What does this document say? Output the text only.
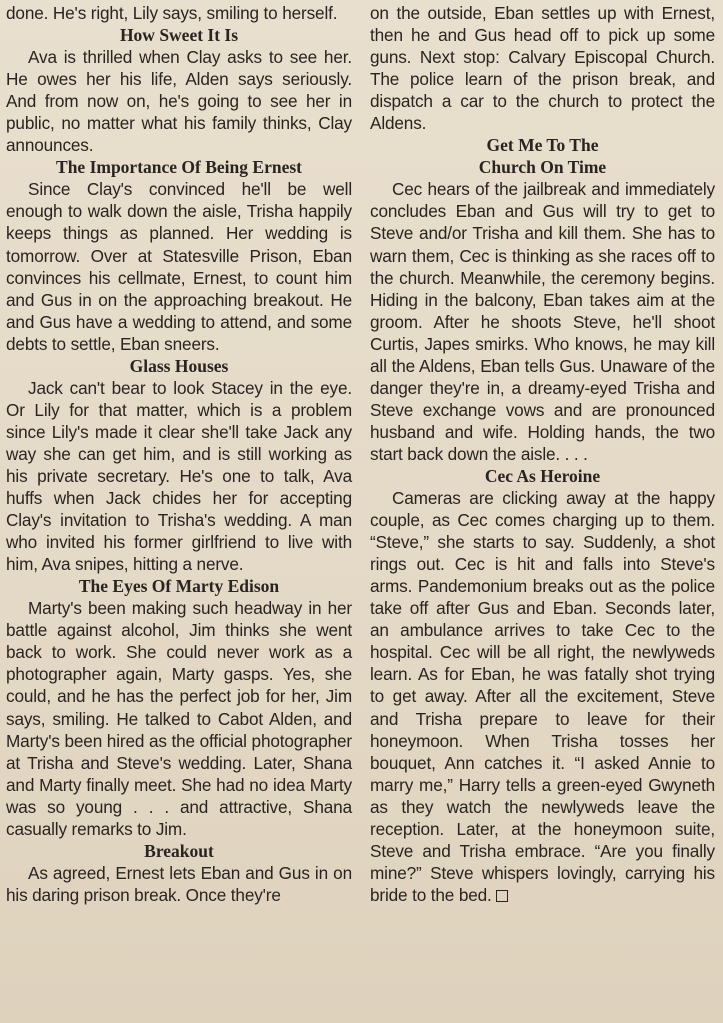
done. He's right, Lily says, smiling to herself.

How Sweet It Is

Ava is thrilled when Clay asks to see her. He owes her his life, Alden says seriously. And from now on, he's going to see her in public, no matter what his family thinks, Clay announces.

The Importance Of Being Ernest

Since Clay's convinced he'll be well enough to walk down the aisle, Trisha happily keeps things as planned. Her wedding is tomorrow. Over at Statesville Prison, Eban convinces his cellmate, Ernest, to count him and Gus in on the approaching breakout. He and Gus have a wedding to attend, and some debts to settle, Eban sneers.

Glass Houses

Jack can't bear to look Stacey in the eye. Or Lily for that matter, which is a problem since Lily's made it clear she'll take Jack any way she can get him, and is still working as his private secretary. He's one to talk, Ava huffs when Jack chides her for accepting Clay's invitation to Trisha's wedding. A man who invited his former girlfriend to live with him, Ava snipes, hitting a nerve.

The Eyes Of Marty Edison

Marty's been making such headway in her battle against alcohol, Jim thinks she went back to work. She could never work as a photographer again, Marty gasps. Yes, she could, and he has the perfect job for her, Jim says, smiling. He talked to Cabot Alden, and Marty's been hired as the official photographer at Trisha and Steve's wedding. Later, Shana and Marty finally meet. She had no idea Marty was so young . . . and attractive, Shana casually remarks to Jim.

Breakout

As agreed, Ernest lets Eban and Gus in on his daring prison break. Once they're

on the outside, Eban settles up with Ernest, then he and Gus head off to pick up some guns. Next stop: Calvary Episcopal Church. The police learn of the prison break, and dispatch a car to the church to protect the Aldens.

Get Me To The
Church On Time

Cec hears of the jailbreak and immediately concludes Eban and Gus will try to get to Steve and/or Trisha and kill them. She has to warn them, Cec is thinking as she races off to the church. Meanwhile, the ceremony begins. Hiding in the balcony, Eban takes aim at the groom. After he shoots Steve, he'll shoot Curtis, Japes smirks. Who knows, he may kill all the Aldens, Eban tells Gus. Unaware of the danger they're in, a dreamy-eyed Trisha and Steve exchange vows and are pronounced husband and wife. Holding hands, the two start back down the aisle. . . .

Cec As Heroine

Cameras are clicking away at the happy couple, as Cec comes charging up to them. “Steve,” she starts to say. Suddenly, a shot rings out. Cec is hit and falls into Steve's arms. Pandemonium breaks out as the police take off after Gus and Eban. Seconds later, an ambulance arrives to take Cec to the hospital. Cec will be all right, the newlyweds learn. As for Eban, he was fatally shot trying to get away. After all the excitement, Steve and Trisha prepare to leave for their honeymoon. When Trisha tosses her bouquet, Ann catches it. “I asked Annie to marry me,” Harry tells a green-eyed Gwyneth as they watch the newlyweds leave the reception. Later, at the honeymoon suite, Steve and Trisha embrace. “Are you finally mine?” Steve whispers lovingly, carrying his bride to the bed.
